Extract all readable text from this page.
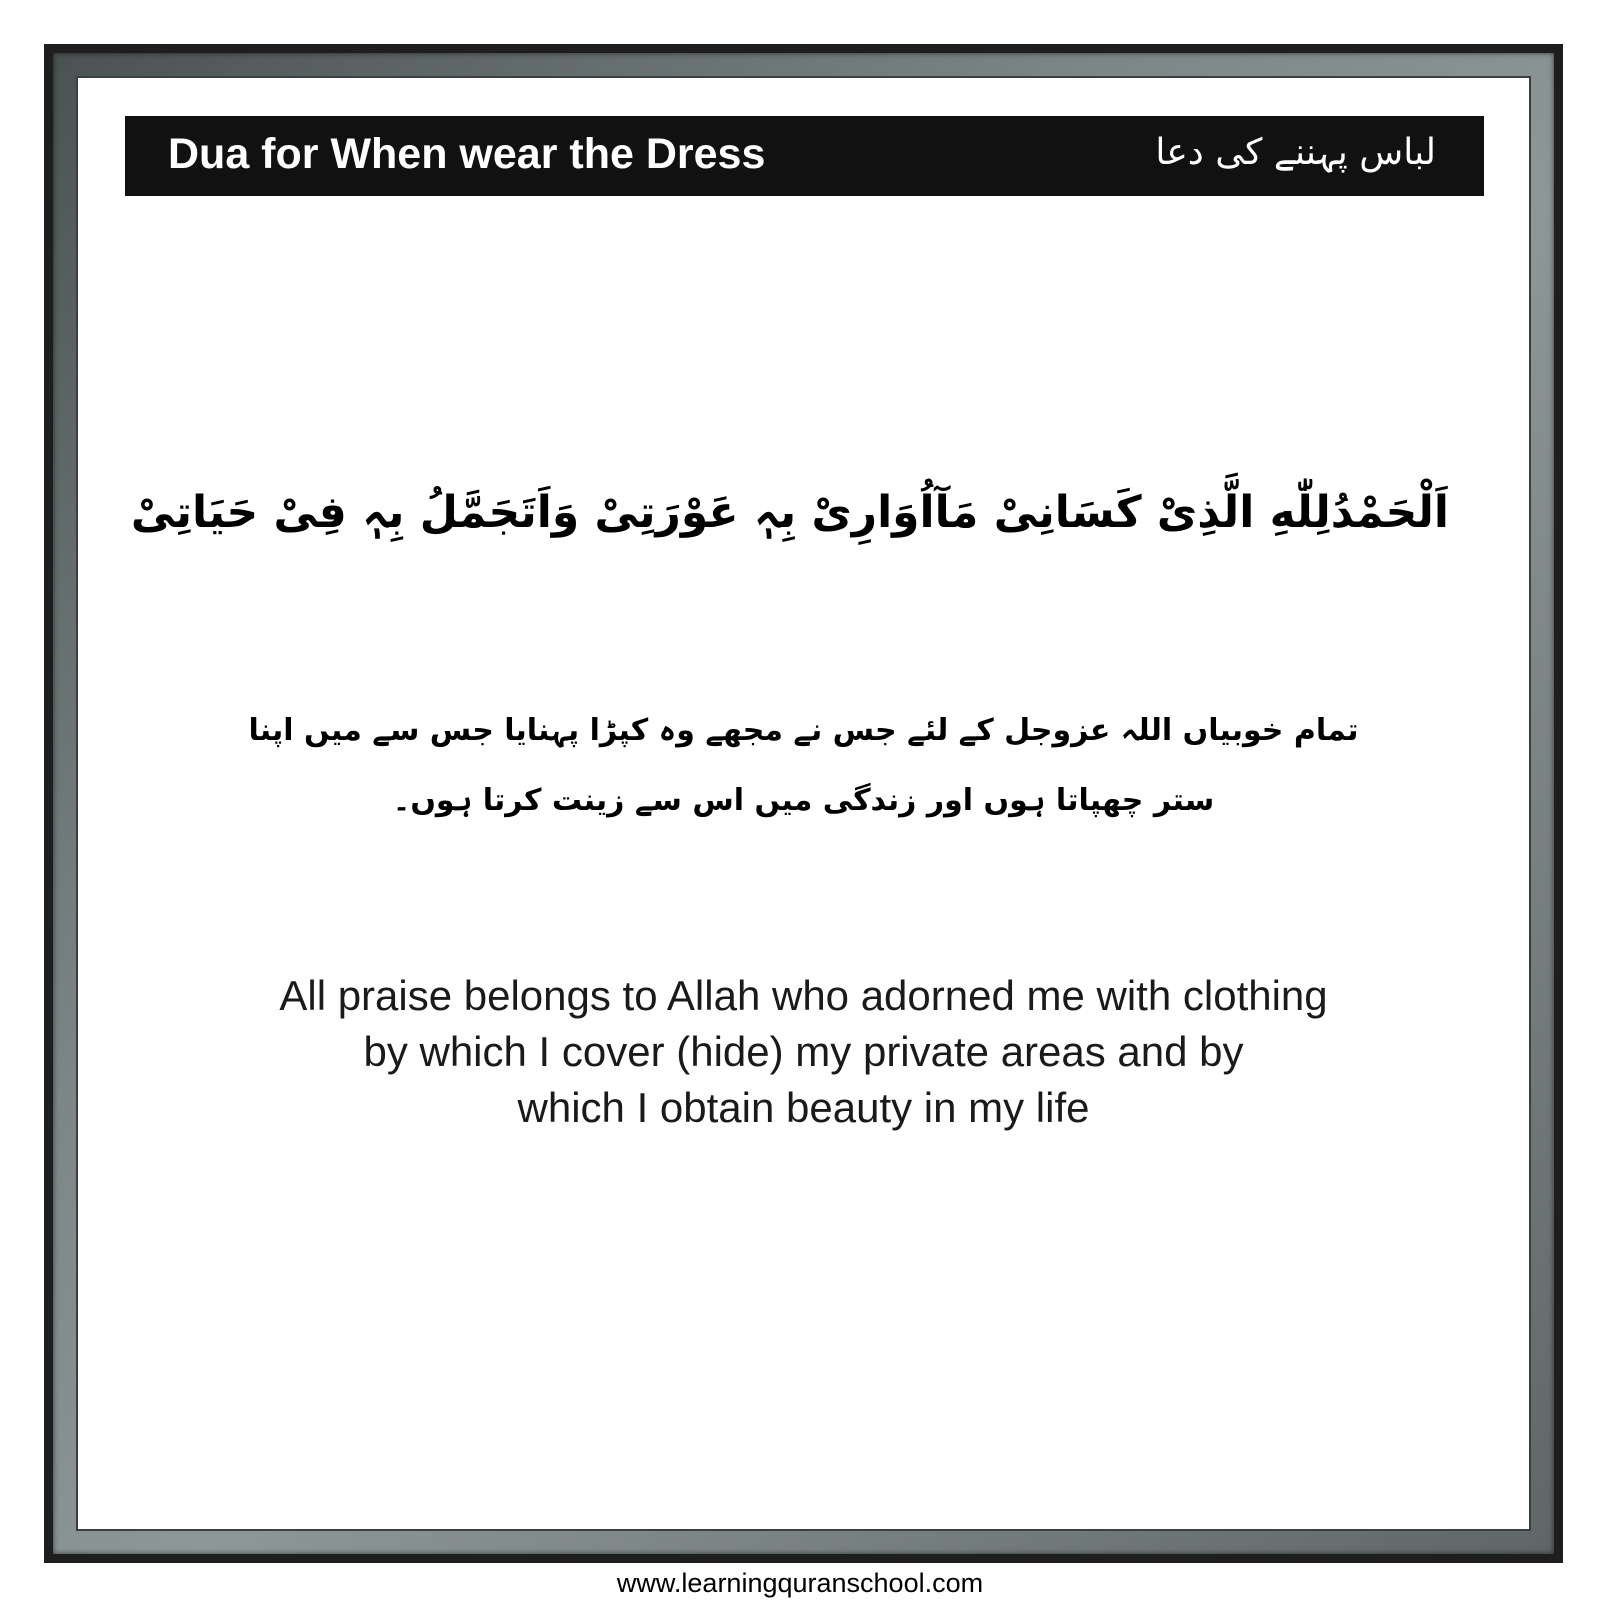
Dua for When wear the Dress	لباس پہننے کی دعا
اَلْحَمْدُلِلّٰهِ الَّذِیْ کَسَانِیْ مَآاُوَارِیْ بِہٖ عَوْرَتِیْ وَاَتَجَمَّلُ بِہٖ فِیْ حَیَاتِیْ
تمام خوبیاں اللہ عزوجل کے لئے جس نے مجھے وہ کپڑا پہنایا جس سے میں اپنا ستر چھپاتا ہوں اور زندگی میں اس سے زینت کرتا ہوں۔
All praise belongs to Allah who adorned me with clothing
by which I cover (hide) my private areas and by
which I obtain beauty in my life
www.learningquranschool.com
